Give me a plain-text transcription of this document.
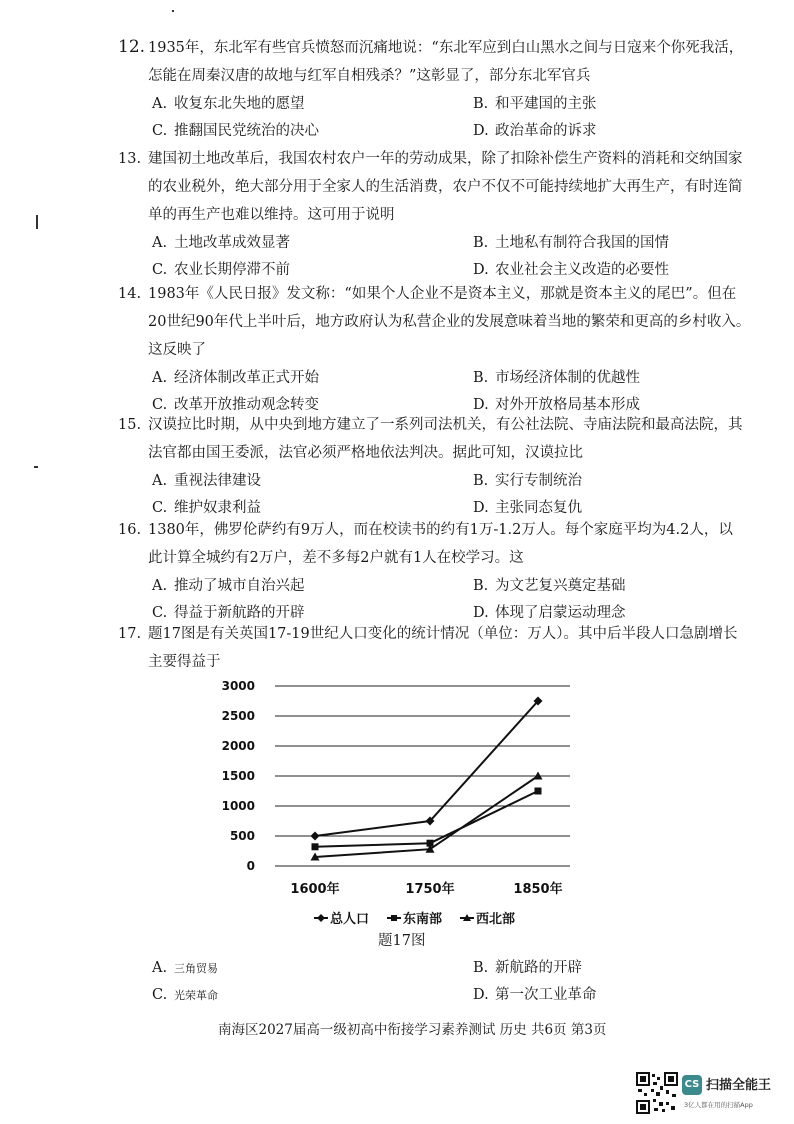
12. 1935年，东北军有些官兵愤怒而沉痛地说：“东北军应到白山黑水之间与日寇来个你死我活，
怎能在周秦汉唐的故地与红军自相残杀？”这彰显了，部分东北军官兵
A. 收复东北失地的愿望	B. 和平建国的主张
C. 推翻国民党统治的决心	D. 政治革命的诉求
13. 建国初土地改革后，我国农村农户一年的劳动成果，除了扣除补偿生产资料的消耗和交纳国家
的农业税外，绝大部分用于全家人的生活消费，农户不仅不可能持续地扩大再生产，有时连简
单的再生产也难以维持。这可用于说明
A. 土地改革成效显著	B. 土地私有制符合我国的国情
C. 农业长期停滞不前	D. 农业社会主义改造的必要性
14. 1983年《人民日报》发文称：“如果个人企业不是资本主义，那就是资本主义的尾巴”。但在
20世纪90年代上半叶后，地方政府认为私营企业的发展意味着当地的繁荣和更高的乡村收入。
这反映了
A. 经济体制改革正式开始	B. 市场经济体制的优越性
C. 改革开放推动观念转变	D. 对外开放格局基本形成
15. 汉谟拉比时期，从中央到地方建立了一系列司法机关，有公社法院、寺庙法院和最高法院，其
法官都由国王委派，法官必须严格地依法判决。据此可知，汉谟拉比
A. 重视法律建设	B. 实行专制统治
C. 维护奴隶利益	D. 主张同态复仇
16. 1380年，佛罗伦萨约有9万人，而在校读书的约有1万-1.2万人。每个家庭平均为4.2人，以
此计算全城约有2万户，差不多每2户就有1人在校学习。这
A. 推动了城市自治兴起	B. 为文艺复兴奠定基础
C. 得益于新航路的开辟	D. 体现了启蒙运动理念
17. 题17图是有关英国17-19世纪人口变化的统计情况（单位：万人）。其中后半段人口急剧增长
主要得益于
0
500
1000
1500
2000
2500
3000
1600年	1750年	1850年
总人口	东南部	西北部
题17图
A. 三角贸易	B. 新航路的开辟
C. 光荣革命	D. 第一次工业革命
南海区2027届高一级初高中衔接学习素养测试 历史 共6页 第3页
CS 扫描全能王
3亿人都在用的扫描App
